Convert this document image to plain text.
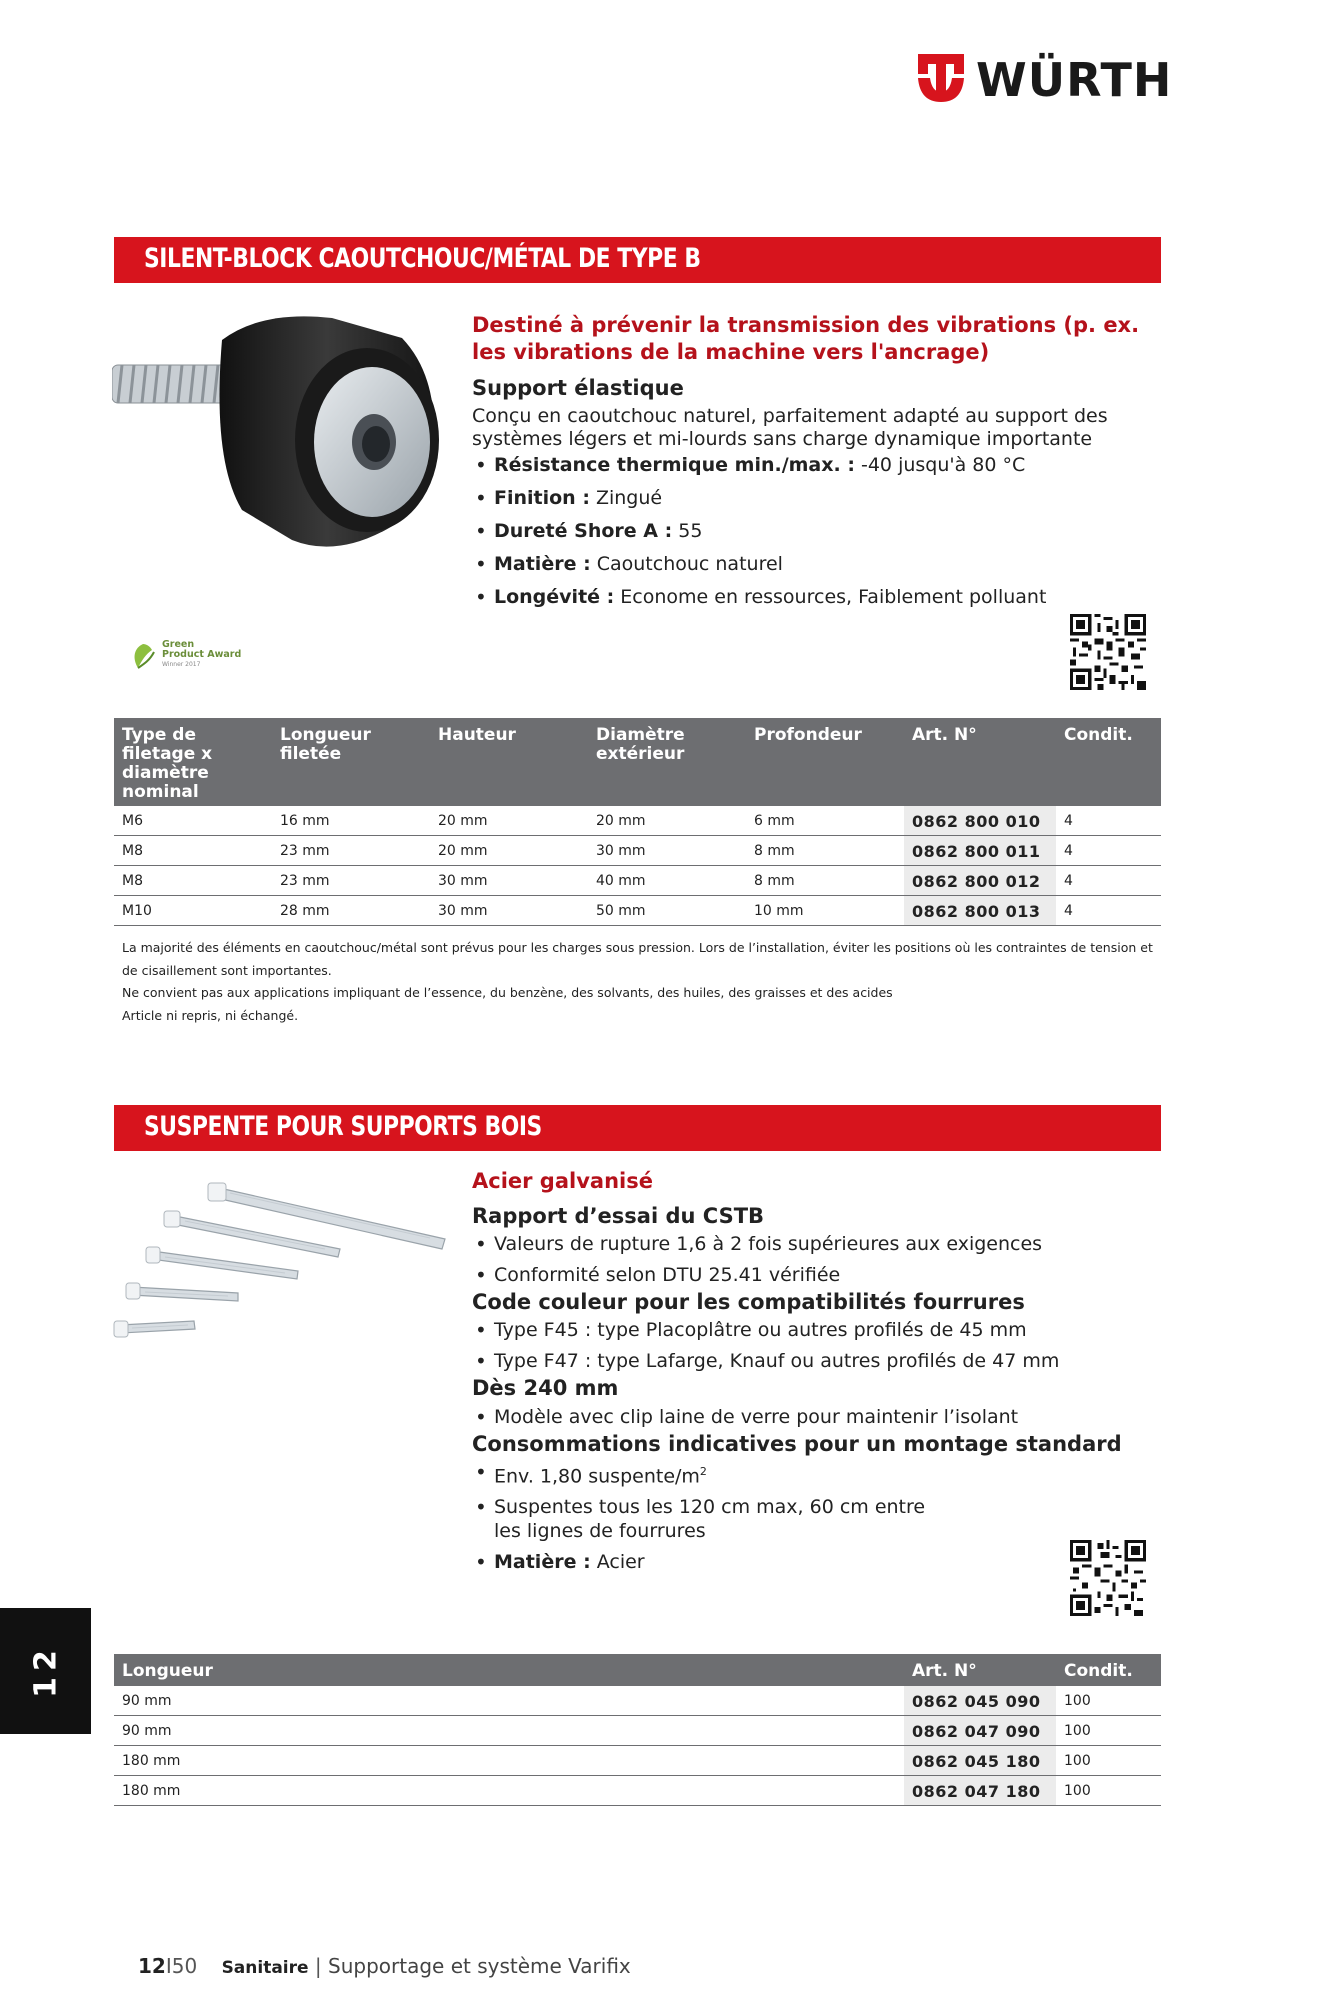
WÜRTH
SILENT-BLOCK CAOUTCHOUC/MÉTAL DE TYPE B

Destiné à prévenir la transmission des vibrations (p. ex. les vibrations de la machine vers l'ancrage)

Support élastique

Conçu en caoutchouc naturel, parfaitement adapté au support des systèmes légers et mi-lourds sans charge dynamique importante

• Résistance thermique min./max. : -40 jusqu'à 80 °C
• Finition : Zingué
• Dureté Shore A : 55
• Matière : Caoutchouc naturel
• Longévité : Econome en ressources, Faiblement polluant
Green
Product Award
Winner 2017
Type de filetage x diamètre nominal	Longueur filetée	Hauteur	Diamètre extérieur	Profondeur	Art. N°	Condit.
M6	16 mm	20 mm	20 mm	6 mm	0862 800 010	4
M8	23 mm	20 mm	30 mm	8 mm	0862 800 011	4
M8	23 mm	30 mm	40 mm	8 mm	0862 800 012	4
M10	28 mm	30 mm	50 mm	10 mm	0862 800 013	4
La majorité des éléments en caoutchouc/métal sont prévus pour les charges sous pression. Lors de l’installation, éviter les positions où les contraintes de tension et de cisaillement sont importantes.
Ne convient pas aux applications impliquant de l’essence, du benzène, des solvants, des huiles, des graisses et des acides
Article ni repris, ni échangé.
SUSPENTE POUR SUPPORTS BOIS

Acier galvanisé

Rapport d’essai du CSTB

• Valeurs de rupture 1,6 à 2 fois supérieures aux exigences
• Conformité selon DTU 25.41 vérifiée

Code couleur pour les compatibilités fourrures

• Type F45 : type Placoplâtre ou autres profilés de 45 mm
• Type F47 : type Lafarge, Knauf ou autres profilés de 47 mm

Dès 240 mm

• Modèle avec clip laine de verre pour maintenir l’isolant

Consommations indicatives pour un montage standard

• Env. 1,80 suspente/$m^2$
• Suspentes tous les 120 cm max, 60 cm entre les lignes de fourrures
• Matière : Acier
Longueur	Art. N°	Condit.
90 mm	0862 045 090	100
90 mm	0862 047 090	100
180 mm	0862 045 180	100
180 mm	0862 047 180	100
12
12I50 Sanitaire | Supportage et système Varifix
